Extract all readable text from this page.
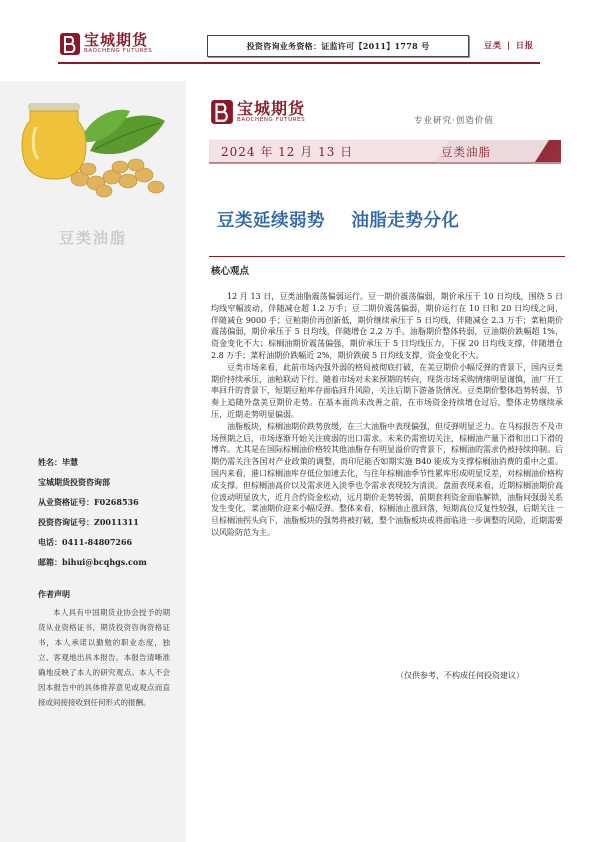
宝城期货
BAOCHENG FUTURES
投资咨询业务资格：证监许可【2011】1778 号	豆类 | 日报
豆类油脂
姓名：毕慧
宝城期货投资咨询部
从业资格证号：F0268536
投资咨询证号：Z0011311
电话：0411-84807266
邮箱：bihui@bcqhgs.com
作者声明
本人具有中国期货业协会授予的期货从业资格证书，期货投资咨询资格证书，本人承诺以勤勉的职业态度，独立、客观地出具本报告。本报告清晰准确地反映了本人的研究观点。本人不会因本报告中的具体推荐意见或观点而直接或间接接收到任何形式的报酬。
宝城期货
BAOCHENG FUTURES	专业研究·创造价值
2024 年 12 月 13 日	豆类油脂
豆类延续弱势    油脂走势分化
核心观点

12 月 13 日，豆类油脂震荡偏弱运行。豆一期价震荡偏弱，期价承压于 10 日均线，围绕 5 日均线窄幅波动，伴随减仓超 1.2 万手；豆二期价震荡偏弱，期价运行在 10 日和 20 日均线之间，伴随减仓 9000 手；豆粕期价再创新低，期价继续承压于 5 日均线，伴随减仓 2.3 万手；菜粕期价震荡偏弱，期价承压于 5 日均线，伴随增仓 2.2 万手。油脂期价整体转弱，豆油期价跌幅超 1%，资金变化不大；棕榈油期价震荡偏强，期价承压于 5 日均线压力，下探 20 日均线支撑，伴随增仓 2.8 万手；菜籽油期价跌幅近 2%，期价跌破 5 日均线支撑，资金变化不大。

豆类市场来看，此前市场内强外弱的格局被彻底打破，在美豆期价小幅反弹的背景下，国内豆类期价持续承压，油粕联动下行。随着市场对未来预期的转向，现货市场采购情绪明显谨慎，油厂开工率回升的背景下，短期豆粕库存面临回升风险，关注后期下游备货情况。豆类期价整体趋势转弱，节奏上追随外盘美豆期价走势。在基本面尚未改善之前，在市场资金持续增仓过后，整体走势继续承压，近期走势明显偏弱。

油脂板块，棕榈油期价跌势放缓，在三大油脂中表现偏强，但反弹明显乏力。在马棕报告不及市场预期之后，市场逐渐开始关注疲弱的出口需求。未来仍需密切关注，棕榈油产量下滑和出口下滑的博弈。尤其是在国际棕榈油价格较其他油脂存有明显溢价的背景下，棕榈油的需求仍被持续抑制。后期仍需关注各国对产业政策的调整，而印尼能否如期实施 B40 能成为支撑棕榈油消费的重中之重。国内来看，港口棕榈油库存低位加速去化，与往年棕榈油季节性累库形成明显反差，对棕榈油价格构成支撑。但棕榈油高价以及需求进入淡季也令需求表现较为清淡。盘面表现来看，近期棕榈油期价高位波动明显放大，近月合约资金松动，远月期价走势转弱，前期套利资金面临解锁，油脂间强弱关系发生变化，菜油期价迎来小幅反弹。整体来看，棕榈油止涨回落，短期高位反复性较强，后期关注一旦棕榈油拐头向下，油脂板块的强势将被打破，整个油脂板块或将面临进一步调整的风险，近期需要以风险防范为主。

（仅供参考，不构成任何投资建议）
